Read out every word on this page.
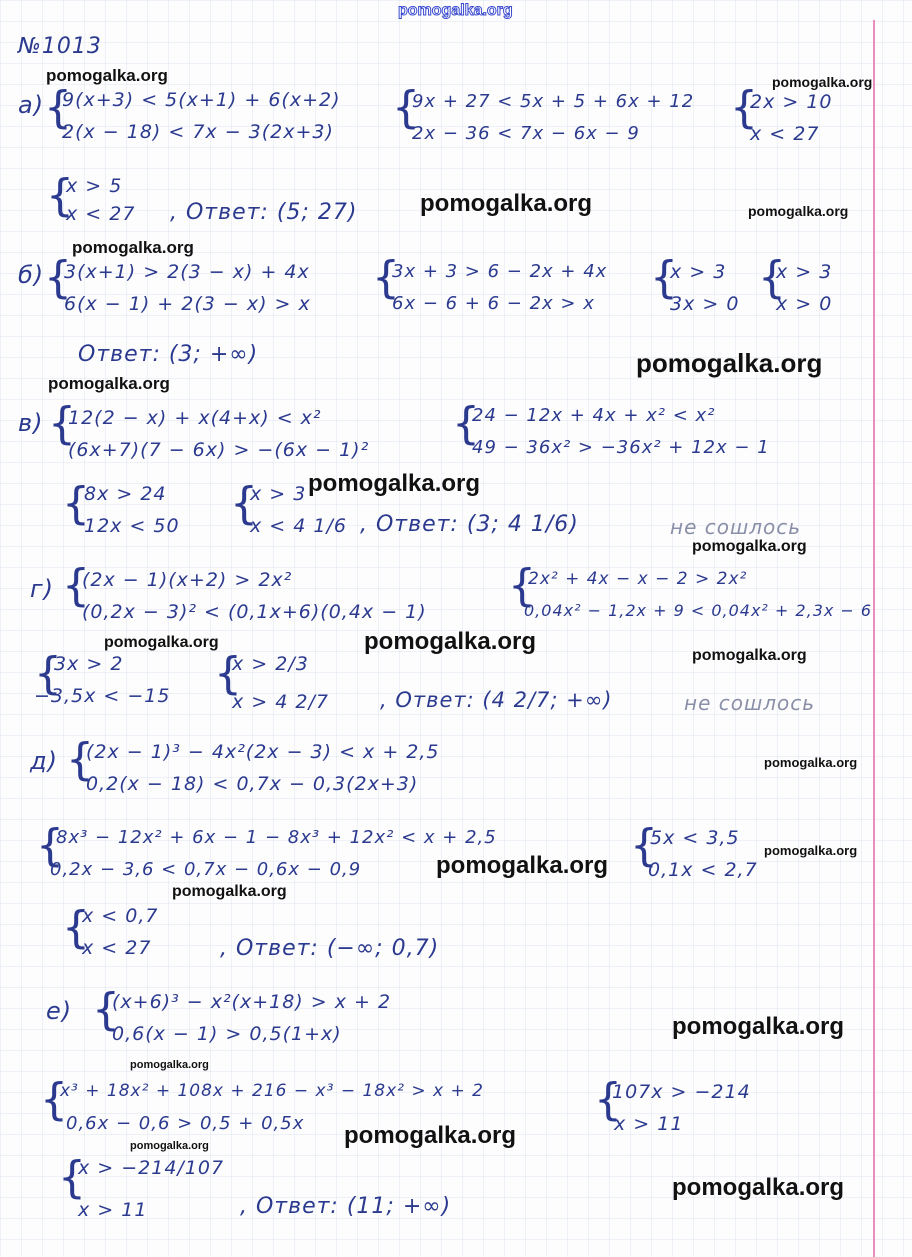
pomogalka.org
№1013
а) {
9(x+3) < 5(x+1) + 6(x+2)
2(x − 18) < 7x − 3(2x+3) {
9x + 27 < 5x + 5 + 6x + 12
2x − 36 < 7x − 6x − 9
{
2x > 10
x < 27
{
x > 5
x < 27 , Ответ: (5; 27)
б) {
3(x+1) > 2(3 − x) + 4x
6(x − 1) + 2(3 − x) > x
{
3x + 3 > 6 − 2x + 4x
6x − 6 + 6 − 2x > x
{
x > 3
3x > 0
{
x > 3
x > 0
Ответ: (3; +∞)
в) {
12(2 − x) + x(4+x) < x²
(6x+7)(7 − 6x) > −(6x − 1)²
{
24 − 12x + 4x + x² < x²
49 − 36x² > −36x² + 12x − 1
{
8x > 24
12x < 50 {
x > 3
x < 4 1/6 , Ответ: (3; 4 1/6)	не сошлось
г) {
(2x − 1)(x+2) > 2x²
(0,2x − 3)² < (0,1x+6)(0,4x − 1)
{
2x² + 4x − x − 2 > 2x²
0,04x² − 1,2x + 9 < 0,04x² + 2,3x − 6
{
3x > 2
−3,5x < −15 {
x > 2/3
x > 4 2/7 , Ответ: (4 2/7; +∞)	не сошлось
д) {
(2x − 1)³ − 4x²(2x − 3) < x + 2,5
0,2(x − 18) < 0,7x − 0,3(2x+3)
{
8x³ − 12x² + 6x − 1 − 8x³ + 12x² < x + 2,5
0,2x − 3,6 < 0,7x − 0,6x − 0,9	{
5x < 3,5
0,1x < 2,7
{
x < 0,7
x < 27	, Ответ: (−∞; 0,7)
е) {
(x+6)³ − x²(x+18) > x + 2
0,6(x − 1) > 0,5(1+x)
{
x³ + 18x² + 108x + 216 − x³ − 18x² > x + 2
0,6x − 0,6 > 0,5 + 0,5x	{
107x > −214
x > 11
{
x > −214/107
x > 11	, Ответ: (11; +∞)
pomogalka.org	pomogalka.org
pomogalka.org	pomogalka.org
pomogalka.org
pomogalka.org
pomogalka.org
pomogalka.org
pomogalka.org
pomogalka.org	pomogalka.org
pomogalka.org
pomogalka.org
pomogalka.org
pomogalka.org
pomogalka.org
pomogalka.org
pomogalka.org
pomogalka.org
pomogalka.org
pomogalka.org
